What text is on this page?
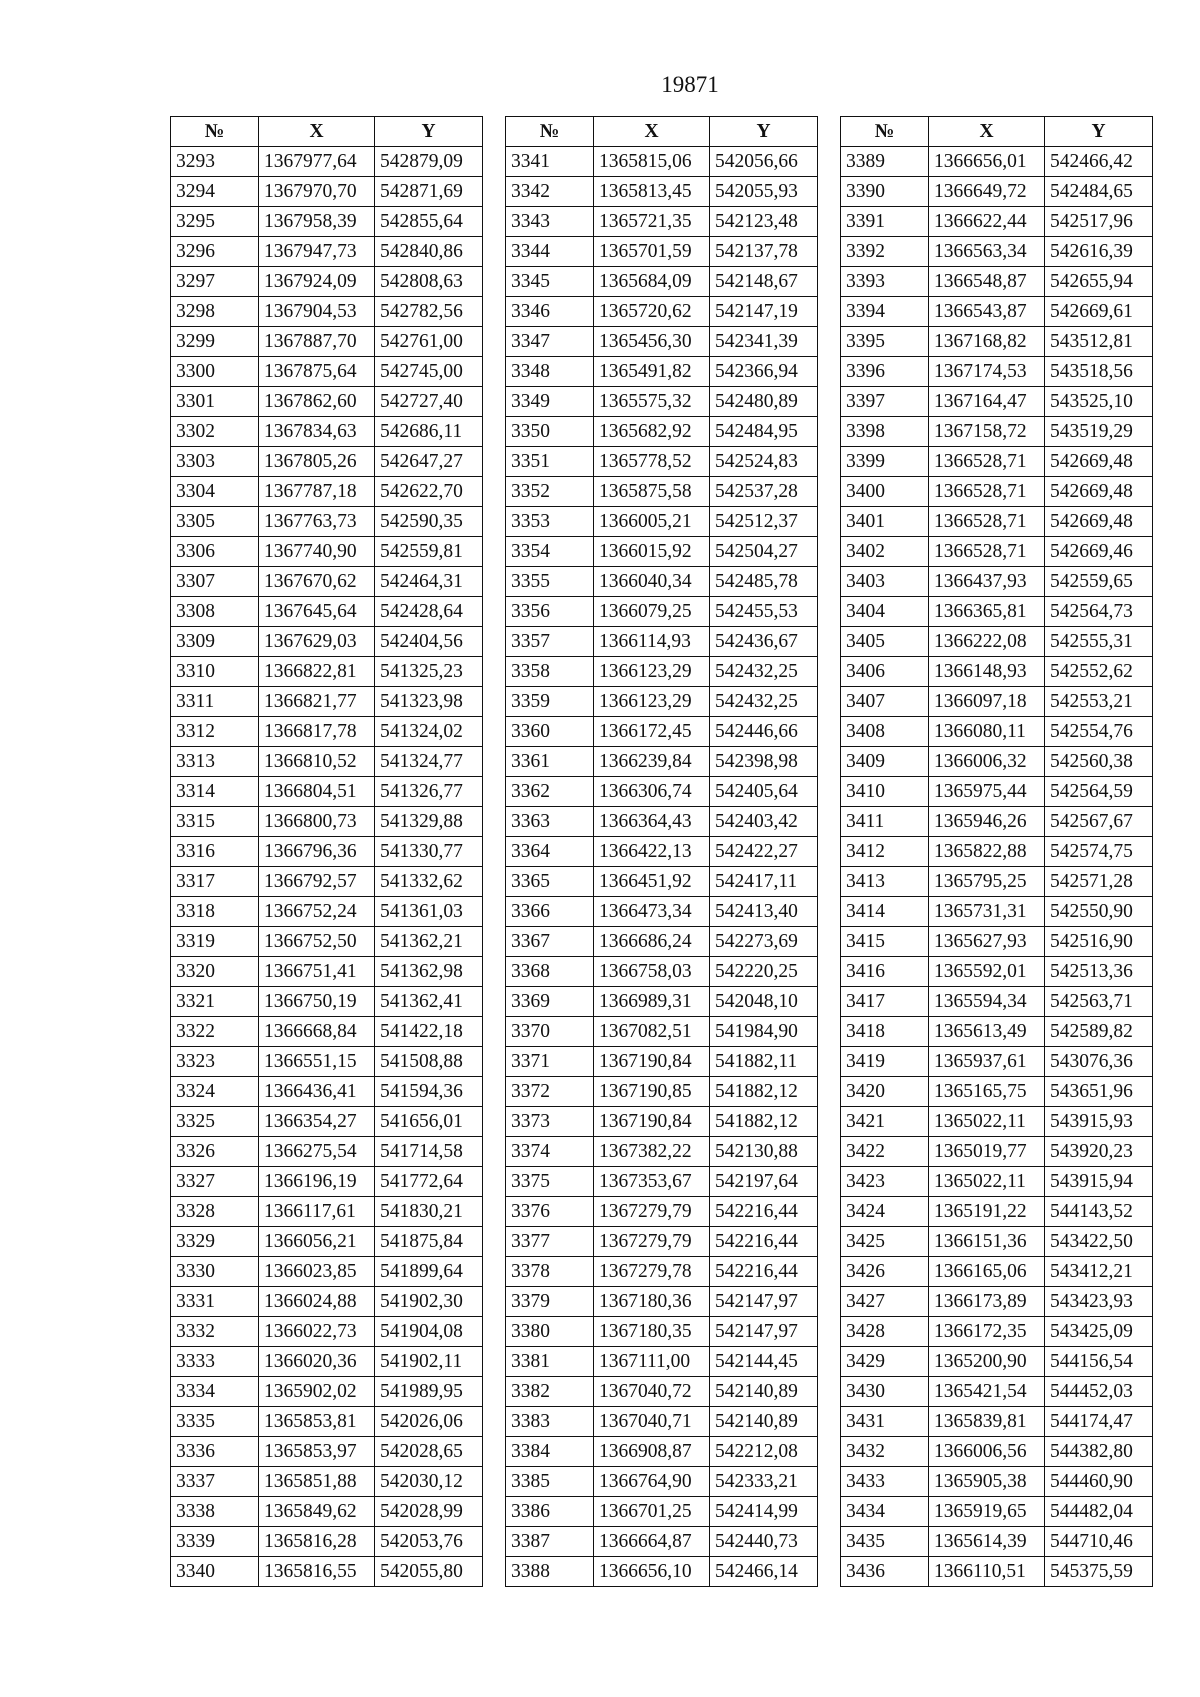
19871
№	X	Y
3293	1367977,64	542879,09
3294	1367970,70	542871,69
3295	1367958,39	542855,64
3296	1367947,73	542840,86
3297	1367924,09	542808,63
3298	1367904,53	542782,56
3299	1367887,70	542761,00
3300	1367875,64	542745,00
3301	1367862,60	542727,40
3302	1367834,63	542686,11
3303	1367805,26	542647,27
3304	1367787,18	542622,70
3305	1367763,73	542590,35
3306	1367740,90	542559,81
3307	1367670,62	542464,31
3308	1367645,64	542428,64
3309	1367629,03	542404,56
3310	1366822,81	541325,23
3311	1366821,77	541323,98
3312	1366817,78	541324,02
3313	1366810,52	541324,77
3314	1366804,51	541326,77
3315	1366800,73	541329,88
3316	1366796,36	541330,77
3317	1366792,57	541332,62
3318	1366752,24	541361,03
3319	1366752,50	541362,21
3320	1366751,41	541362,98
3321	1366750,19	541362,41
3322	1366668,84	541422,18
3323	1366551,15	541508,88
3324	1366436,41	541594,36
3325	1366354,27	541656,01
3326	1366275,54	541714,58
3327	1366196,19	541772,64
3328	1366117,61	541830,21
3329	1366056,21	541875,84
3330	1366023,85	541899,64
3331	1366024,88	541902,30
3332	1366022,73	541904,08
3333	1366020,36	541902,11
3334	1365902,02	541989,95
3335	1365853,81	542026,06
3336	1365853,97	542028,65
3337	1365851,88	542030,12
3338	1365849,62	542028,99
3339	1365816,28	542053,76
3340	1365816,55	542055,80
№	X	Y
3341	1365815,06	542056,66
3342	1365813,45	542055,93
3343	1365721,35	542123,48
3344	1365701,59	542137,78
3345	1365684,09	542148,67
3346	1365720,62	542147,19
3347	1365456,30	542341,39
3348	1365491,82	542366,94
3349	1365575,32	542480,89
3350	1365682,92	542484,95
3351	1365778,52	542524,83
3352	1365875,58	542537,28
3353	1366005,21	542512,37
3354	1366015,92	542504,27
3355	1366040,34	542485,78
3356	1366079,25	542455,53
3357	1366114,93	542436,67
3358	1366123,29	542432,25
3359	1366123,29	542432,25
3360	1366172,45	542446,66
3361	1366239,84	542398,98
3362	1366306,74	542405,64
3363	1366364,43	542403,42
3364	1366422,13	542422,27
3365	1366451,92	542417,11
3366	1366473,34	542413,40
3367	1366686,24	542273,69
3368	1366758,03	542220,25
3369	1366989,31	542048,10
3370	1367082,51	541984,90
3371	1367190,84	541882,11
3372	1367190,85	541882,12
3373	1367190,84	541882,12
3374	1367382,22	542130,88
3375	1367353,67	542197,64
3376	1367279,79	542216,44
3377	1367279,79	542216,44
3378	1367279,78	542216,44
3379	1367180,36	542147,97
3380	1367180,35	542147,97
3381	1367111,00	542144,45
3382	1367040,72	542140,89
3383	1367040,71	542140,89
3384	1366908,87	542212,08
3385	1366764,90	542333,21
3386	1366701,25	542414,99
3387	1366664,87	542440,73
3388	1366656,10	542466,14
№	X	Y
3389	1366656,01	542466,42
3390	1366649,72	542484,65
3391	1366622,44	542517,96
3392	1366563,34	542616,39
3393	1366548,87	542655,94
3394	1366543,87	542669,61
3395	1367168,82	543512,81
3396	1367174,53	543518,56
3397	1367164,47	543525,10
3398	1367158,72	543519,29
3399	1366528,71	542669,48
3400	1366528,71	542669,48
3401	1366528,71	542669,48
3402	1366528,71	542669,46
3403	1366437,93	542559,65
3404	1366365,81	542564,73
3405	1366222,08	542555,31
3406	1366148,93	542552,62
3407	1366097,18	542553,21
3408	1366080,11	542554,76
3409	1366006,32	542560,38
3410	1365975,44	542564,59
3411	1365946,26	542567,67
3412	1365822,88	542574,75
3413	1365795,25	542571,28
3414	1365731,31	542550,90
3415	1365627,93	542516,90
3416	1365592,01	542513,36
3417	1365594,34	542563,71
3418	1365613,49	542589,82
3419	1365937,61	543076,36
3420	1365165,75	543651,96
3421	1365022,11	543915,93
3422	1365019,77	543920,23
3423	1365022,11	543915,94
3424	1365191,22	544143,52
3425	1366151,36	543422,50
3426	1366165,06	543412,21
3427	1366173,89	543423,93
3428	1366172,35	543425,09
3429	1365200,90	544156,54
3430	1365421,54	544452,03
3431	1365839,81	544174,47
3432	1366006,56	544382,80
3433	1365905,38	544460,90
3434	1365919,65	544482,04
3435	1365614,39	544710,46
3436	1366110,51	545375,59
